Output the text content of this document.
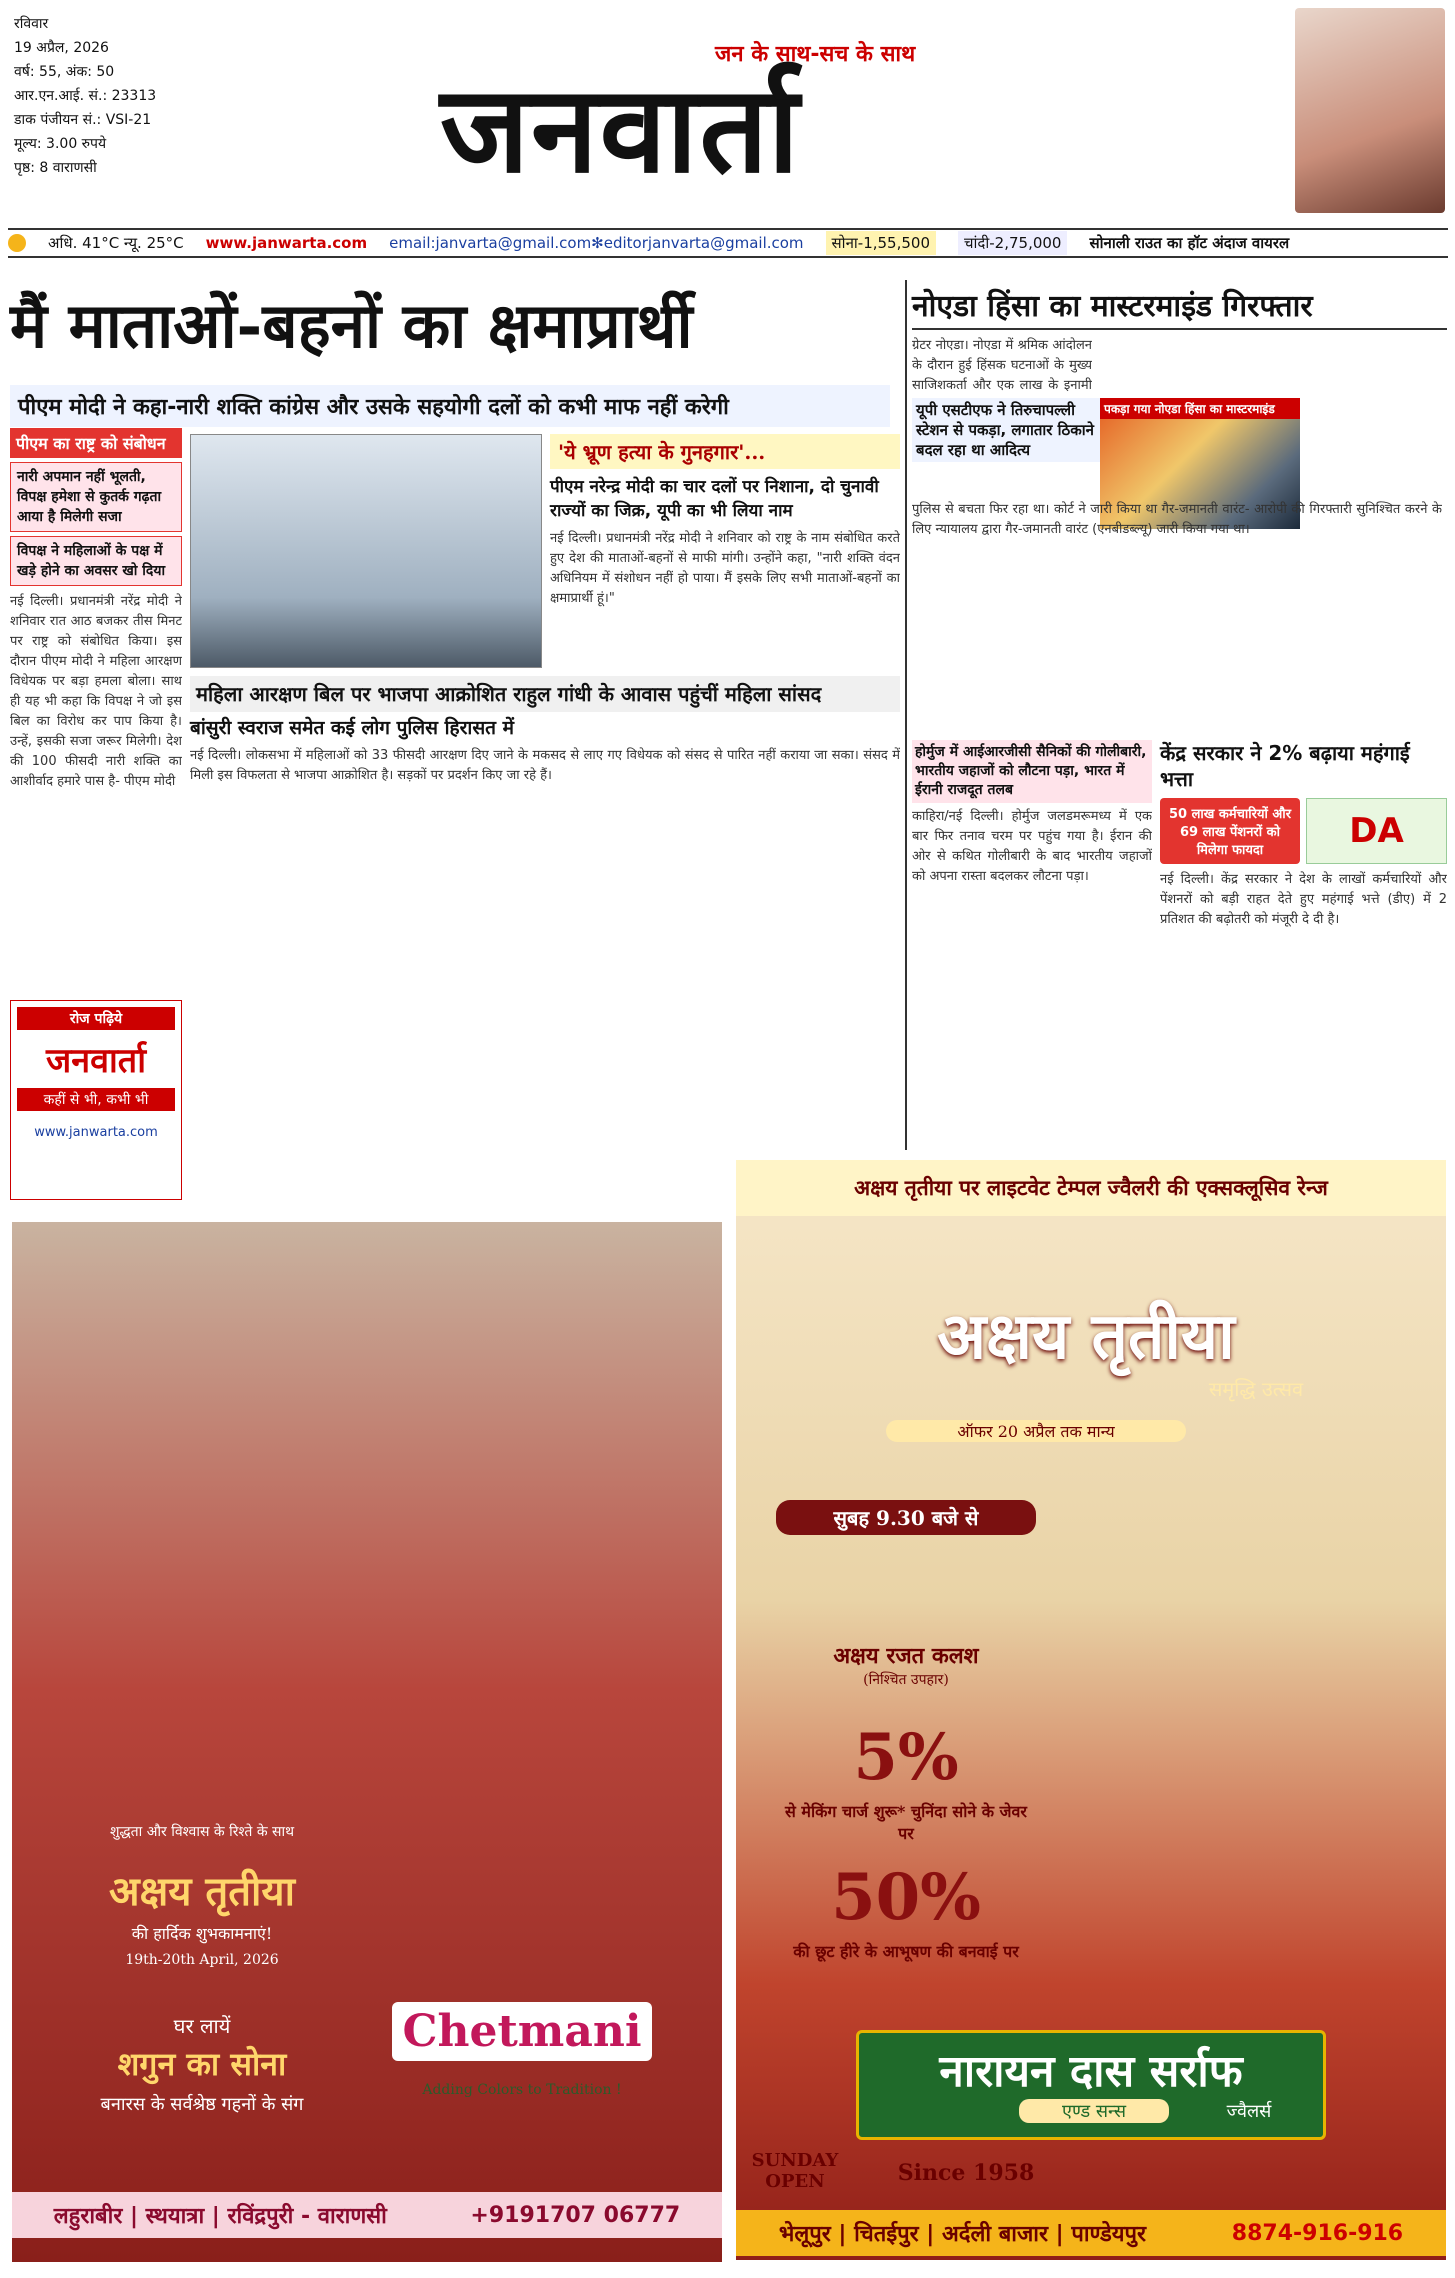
रविवार
19 अप्रैल, 2026
वर्ष: 55, अंक: 50
आर.एन.आई. सं.: 23313
डाक पंजीयन सं.: VSI-21
मूल्य: 3.00 रुपये
पृष्ठ: 8 वाराणसी
जन के साथ-सच के साथ
जनवार्ता
अधि. 41°C न्यू. 25°C www.janwarta.com email:janvarta@gmail.com✻editorjanvarta@gmail.com	सोना-1,55,500	चांदी-2,75,000	सोनाली राउत का हॉट अंदाज वायरल
मैं माताओं-बहनों का क्षमाप्रार्थी
पीएम मोदी ने कहा-नारी शक्ति कांग्रेस और उसके सहयोगी दलों को कभी माफ नहीं करेगी
पीएम का राष्ट्र को संबोधन
नारी अपमान नहीं भूलती, विपक्ष हमेशा से कुतर्क गढ़ता आया है मिलेगी सजा
विपक्ष ने महिलाओं के पक्ष में खड़े होने का अवसर खो दिया
नई दिल्ली। प्रधानमंत्री नरेंद्र मोदी ने शनिवार रात आठ बजकर तीस मिनट पर राष्ट्र को संबोधित किया। इस दौरान पीएम मोदी ने महिला आरक्षण विधेयक पर बड़ा हमला बोला। साथ ही यह भी कहा कि विपक्ष ने जो इस बिल का विरोध कर पाप किया है। उन्हें, इसकी सजा जरूर मिलेगी। देश की 100 फीसदी नारी शक्ति का आशीर्वाद हमारे पास है- पीएम मोदी
'ये भ्रूण हत्या के गुनहगार'...
पीएम नरेन्द्र मोदी का चार दलों पर निशाना, दो चुनावी राज्यों का जिक्र, यूपी का भी लिया नाम
नई दिल्ली। प्रधानमंत्री नरेंद्र मोदी ने शनिवार को राष्ट्र के नाम संबोधित करते हुए देश की माताओं-बहनों से माफी मांगी। उन्होंने कहा, "नारी शक्ति वंदन अधिनियम में संशोधन नहीं हो पाया। मैं इसके लिए सभी माताओं-बहनों का क्षमाप्रार्थी हूं।"
महिला आरक्षण बिल पर भाजपा आक्रोशित राहुल गांधी के आवास पहुंचीं महिला सांसद
बांसुरी स्वराज समेत कई लोग पुलिस हिरासत में
नई दिल्ली। लोकसभा में महिलाओं को 33 फीसदी आरक्षण दिए जाने के मकसद से लाए गए विधेयक को संसद से पारित नहीं कराया जा सका। संसद में मिली इस विफलता से भाजपा आक्रोशित है। सड़कों पर प्रदर्शन किए जा रहे हैं।
रोज पढ़िये
जनवार्ता
कहीं से भी, कभी भी
www.janwarta.com
नोएडा हिंसा का मास्टरमाइंड गिरफ्तार
ग्रेटर नोएडा। नोएडा में श्रमिक आंदोलन के दौरान हुई हिंसक घटनाओं के मुख्य साजिशकर्ता और एक लाख के इनामी
यूपी एसटीएफ ने तिरुचापल्ली स्टेशन से पकड़ा, लगातार ठिकाने बदल रहा था आदित्य
पकड़ा गया नोएडा हिंसा का मास्टरमाइंड
पुलिस से बचता फिर रहा था। कोर्ट ने जारी किया था गैर-जमानती वारंट- आरोपी की गिरफ्तारी सुनिश्चित करने के लिए न्यायालय द्वारा गैर-जमानती वारंट (एनबीडब्ल्यू) जारी किया गया था।
होर्मुज में आईआरजीसी सैनिकों की गोलीबारी, भारतीय जहाजों को लौटना पड़ा, भारत में ईरानी राजदूत तलब
काहिरा/नई दिल्ली। होर्मुज जलडमरूमध्य में एक बार फिर तनाव चरम पर पहुंच गया है। ईरान की ओर से कथित गोलीबारी के बाद भारतीय जहाजों को अपना रास्ता बदलकर लौटना पड़ा।
केंद्र सरकार ने 2% बढ़ाया महंगाई भत्ता
50 लाख कर्मचारियों और 69 लाख पेंशनरों को मिलेगा फायदा	DA
नई दिल्ली। केंद्र सरकार ने देश के लाखों कर्मचारियों और पेंशनरों को बड़ी राहत देते हुए महंगाई भत्ते (डीए) में 2 प्रतिशत की बढ़ोतरी को मंजूरी दे दी है।
शुद्धता और विश्वास के रिश्ते के साथ
अक्षय तृतीया
की हार्दिक शुभकामनाएं!
19th-20th April, 2026
घर लायें
शगुन का सोना
बनारस के सर्वश्रेष्ठ गहनों के संग
Chetmani
Adding Colors to Tradition !
लहुराबीर | स्थयात्रा | रविंद्रपुरी - वाराणसी	+9191707 06777
अक्षय तृतीया पर लाइटवेट टेम्पल ज्वैलरी की एक्सक्लूसिव रेन्ज
अक्षय तृतीया
समृद्धि उत्सव
ऑफर 20 अप्रैल तक मान्य
सुबह 9.30 बजे से
अक्षय रजत कलश
(निश्चित उपहार)
5%
से मेकिंग चार्ज शुरू* चुनिंदा सोने के जेवर पर
50%
की छूट हीरे के आभूषण की बनवाई पर
नारायन दास सर्राफ
एण्ड सन्स	ज्वैलर्स
Since 1958
SUNDAY OPEN
भेलूपुर | चितईपुर | अर्दली बाजार | पाण्डेयपुर	8874-916-916
